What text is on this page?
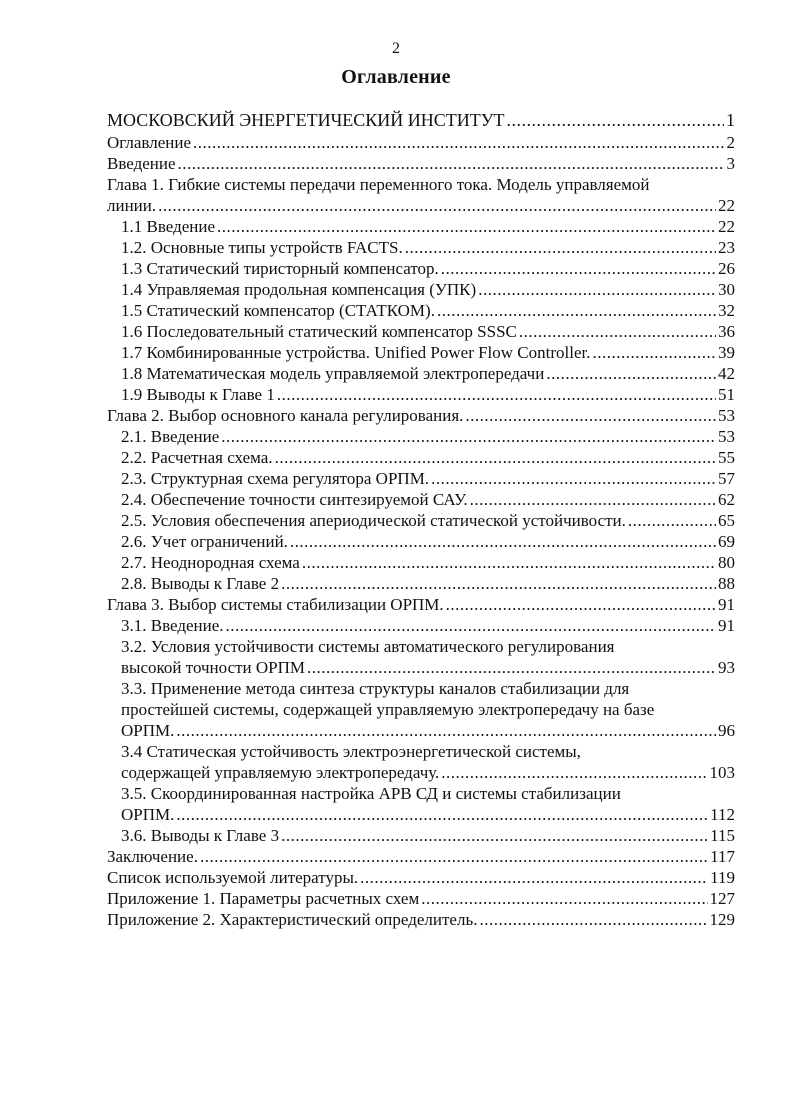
2
Оглавление
МОСКОВСКИЙ ЭНЕРГЕТИЧЕСКИЙ ИНСТИТУТ .....	1
Оглавление .....	2
Введение .....	3
Глава 1. Гибкие системы передачи переменного тока. Модель управляемой
линии. .....	22
1.1 Введение .....	22
1.2. Основные типы устройств FACTS. .....	23
1.3 Статический тиристорный компенсатор. .....	26
1.4 Управляемая продольная компенсация (УПК) .....	30
1.5 Статический компенсатор (СТАТКОМ). .....	32
1.6 Последовательный статический компенсатор SSSC .....	36
1.7 Комбинированные устройства. Unified Power Flow Controller. .....	39
1.8 Математическая модель управляемой электропередачи .....	42
1.9 Выводы к Главе 1 .....	51
Глава 2. Выбор основного канала регулирования. .....	53
2.1. Введение .....	53
2.2. Расчетная схема. .....	55
2.3. Структурная схема регулятора ОРПМ. .....	57
2.4. Обеспечение точности синтезируемой САУ. .....	62
2.5. Условия обеспечения апериодической статической устойчивости. .....	65
2.6. Учет ограничений. .....	69
2.7. Неоднородная схема .....	80
2.8. Выводы к Главе 2 .....	88
Глава 3. Выбор системы стабилизации ОРПМ. .....	91
3.1. Введение. .....	91
3.2. Условия устойчивости системы автоматического регулирования
высокой точности ОРПМ .....	93
3.3. Применение метода синтеза структуры каналов стабилизации для
простейшей системы, содержащей управляемую электропередачу на базе
ОРПМ. .....	96
3.4 Статическая устойчивость электроэнергетической системы,
содержащей управляемую электропередачу. .....	103
3.5. Скоординированная настройка АРВ СД и системы стабилизации
ОРПМ. .....	112
3.6. Выводы к Главе 3 .....	115
Заключение. .....	117
Список используемой литературы. .....	119
Приложение 1. Параметры расчетных схем .....	127
Приложение 2. Характеристический определитель. .....	129
